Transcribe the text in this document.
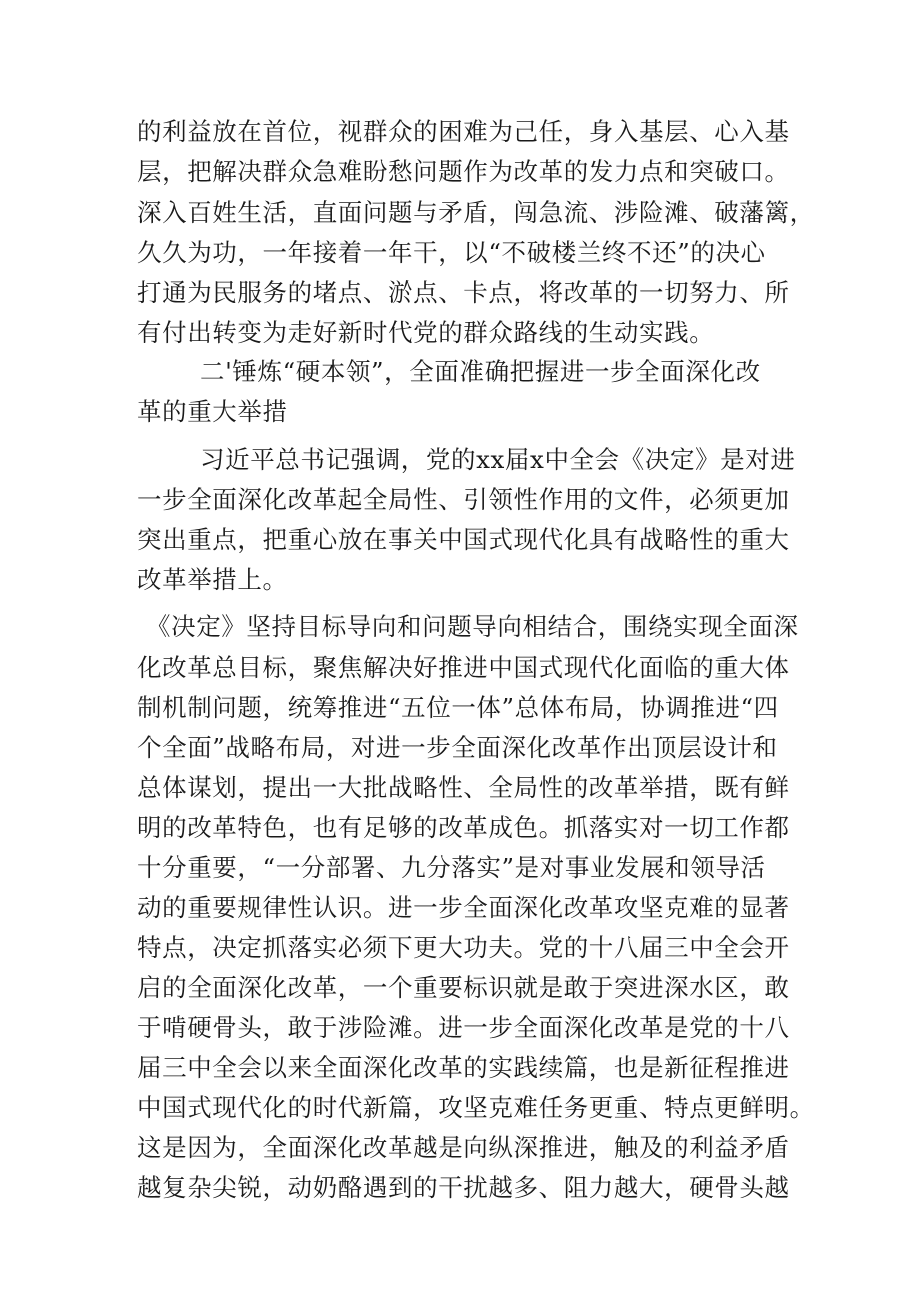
的利益放在首位，视群众的困难为己任，身入基层、心入基
层，把解决群众急难盼愁问题作为改革的发力点和突破口。
深入百姓生活，直面问题与矛盾，闯急流、涉险滩、破藩篱，
久久为功，一年接着一年干，以“不破楼兰终不还”的决心
打通为民服务的堵点、淤点、卡点，将改革的一切努力、所
有付出转变为走好新时代党的群众路线的生动实践。
二'锤炼“硬本领”，全面准确把握进一步全面深化改
革的重大举措
习近平总书记强调，党的xx届x中全会《决定》是对进
一步全面深化改革起全局性、引领性作用的文件，必须更加
突出重点，把重心放在事关中国式现代化具有战略性的重大
改革举措上。
《决定》坚持目标导向和问题导向相结合，围绕实现全面深
化改革总目标，聚焦解决好推进中国式现代化面临的重大体
制机制问题，统筹推进“五位一体”总体布局，协调推进“四
个全面”战略布局，对进一步全面深化改革作出顶层设计和
总体谋划，提出一大批战略性、全局性的改革举措，既有鲜
明的改革特色，也有足够的改革成色。抓落实对一切工作都
十分重要，“一分部署、九分落实”是对事业发展和领导活
动的重要规律性认识。进一步全面深化改革攻坚克难的显著
特点，决定抓落实必须下更大功夫。党的十八届三中全会开
启的全面深化改革，一个重要标识就是敢于突进深水区，敢
于啃硬骨头，敢于涉险滩。进一步全面深化改革是党的十八
届三中全会以来全面深化改革的实践续篇，也是新征程推进
中国式现代化的时代新篇，攻坚克难任务更重、特点更鲜明。
这是因为，全面深化改革越是向纵深推进，触及的利益矛盾
越复杂尖锐，动奶酪遇到的干扰越多、阻力越大，硬骨头越
